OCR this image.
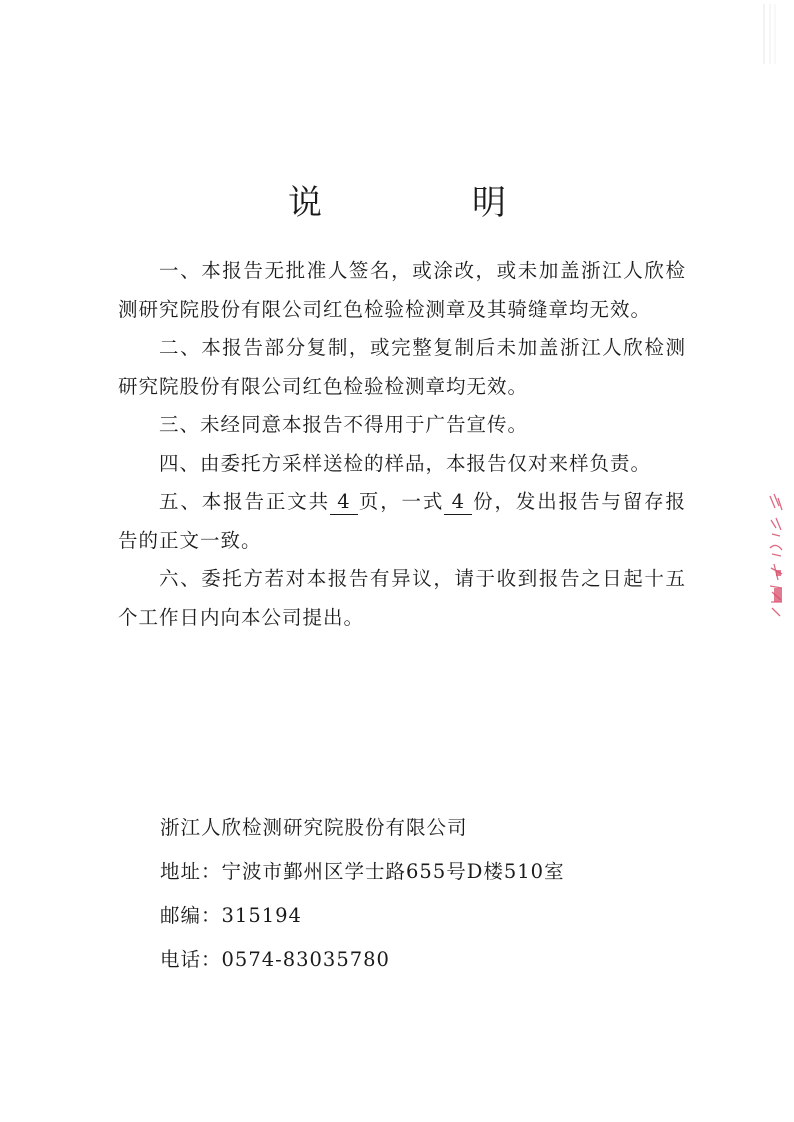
说　明

一、本报告无批准人签名，或涂改，或未加盖浙江人欣检测研究院股份有限公司红色检验检测章及其骑缝章均无效。

二、本报告部分复制，或完整复制后未加盖浙江人欣检测研究院股份有限公司红色检验检测章均无效。

三、未经同意本报告不得用于广告宣传。

四、由委托方采样送检的样品，本报告仅对来样负责。

五、本报告正文共 4 页，一式 4 份，发出报告与留存报告的正文一致。

六、委托方若对本报告有异议，请于收到报告之日起十五个工作日内向本公司提出。

浙江人欣检测研究院股份有限公司
地址：宁波市鄞州区学士路655号D楼510室
邮编：315194
电话：0574-83035780
